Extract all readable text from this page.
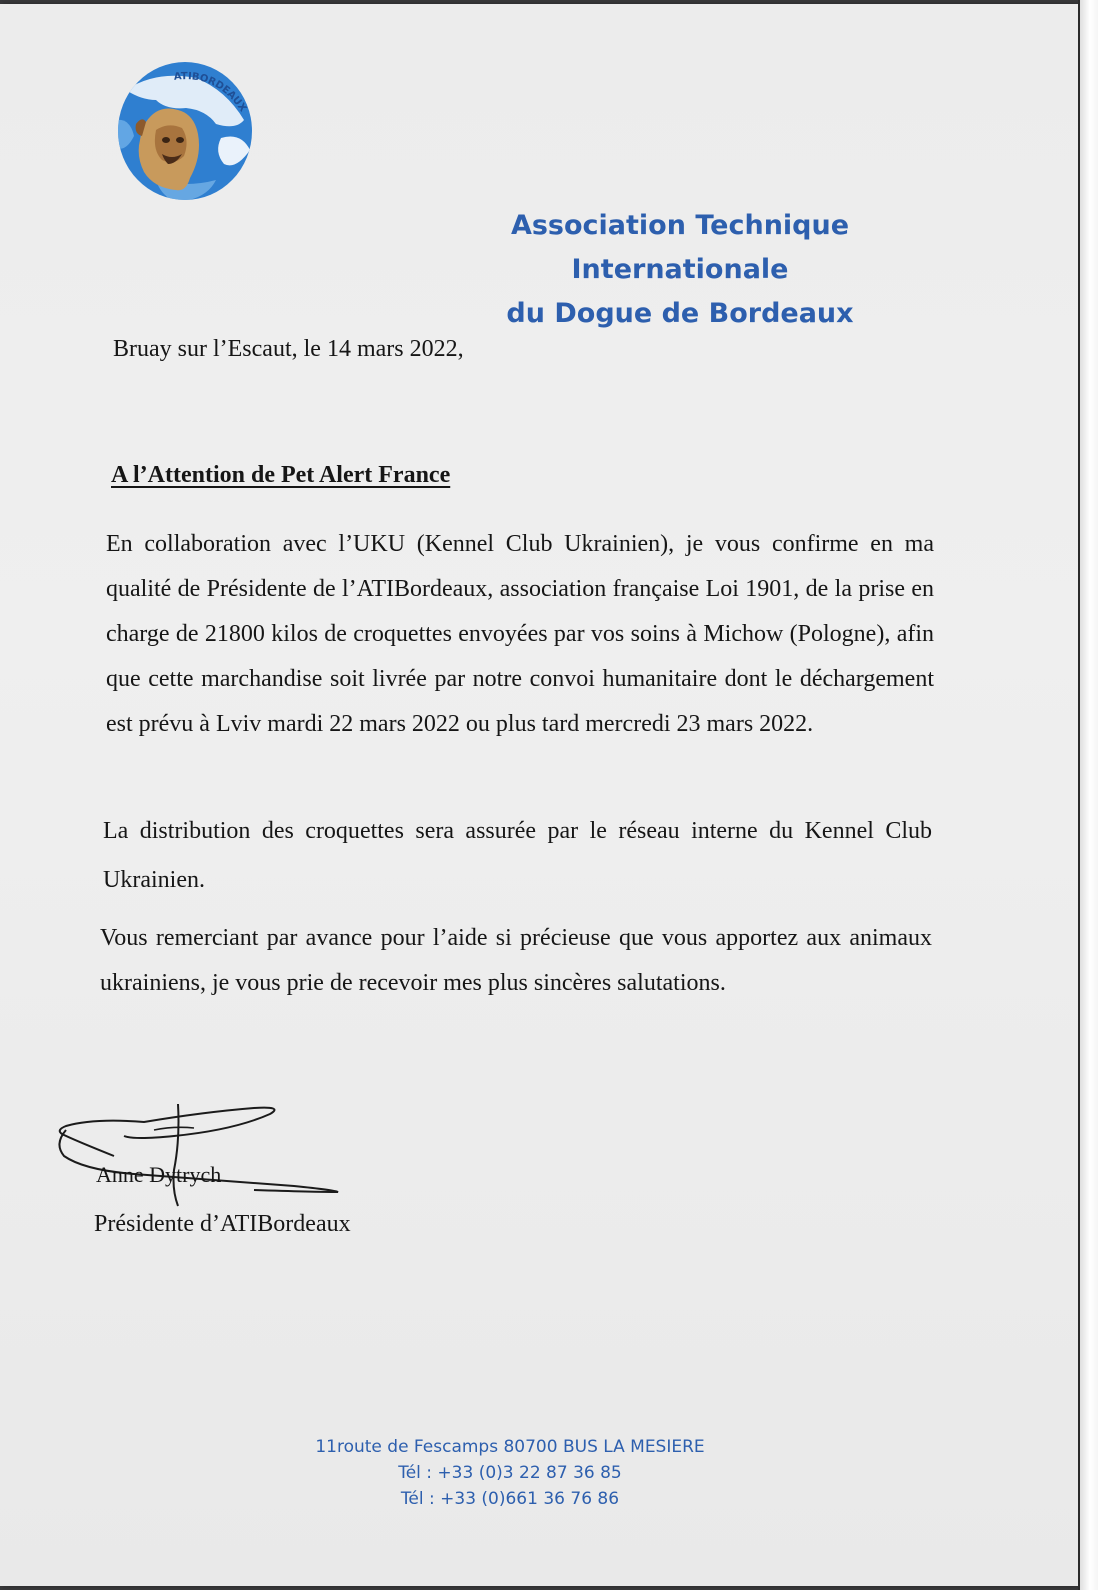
ATIBORDEAUX
Association Technique Internationale
du Dogue de Bordeaux
Bruay sur l’Escaut, le 14 mars 2022,
A l’Attention de Pet Alert France
En collaboration avec l’UKU (Kennel Club Ukrainien), je vous confirme en ma qualité de Présidente de l’ATIBordeaux, association française Loi 1901, de la prise en charge de 21800 kilos de croquettes envoyées par vos soins à Michow (Pologne), afin que cette marchandise soit livrée par notre convoi humanitaire dont le déchargement est prévu à Lviv mardi 22 mars 2022 ou plus tard mercredi 23 mars 2022.
La distribution des croquettes sera assurée par le réseau interne du Kennel Club Ukrainien.
Vous remerciant par avance pour l’aide si précieuse que vous apportez aux animaux ukrainiens, je vous prie de recevoir mes plus sincères salutations.
Anne Dytrych
Présidente d’ATIBordeaux
11route de Fescamps 80700 BUS LA MESIERE
Tél : +33 (0)3 22 87 36 85
Tél : +33 (0)661 36 76 86
